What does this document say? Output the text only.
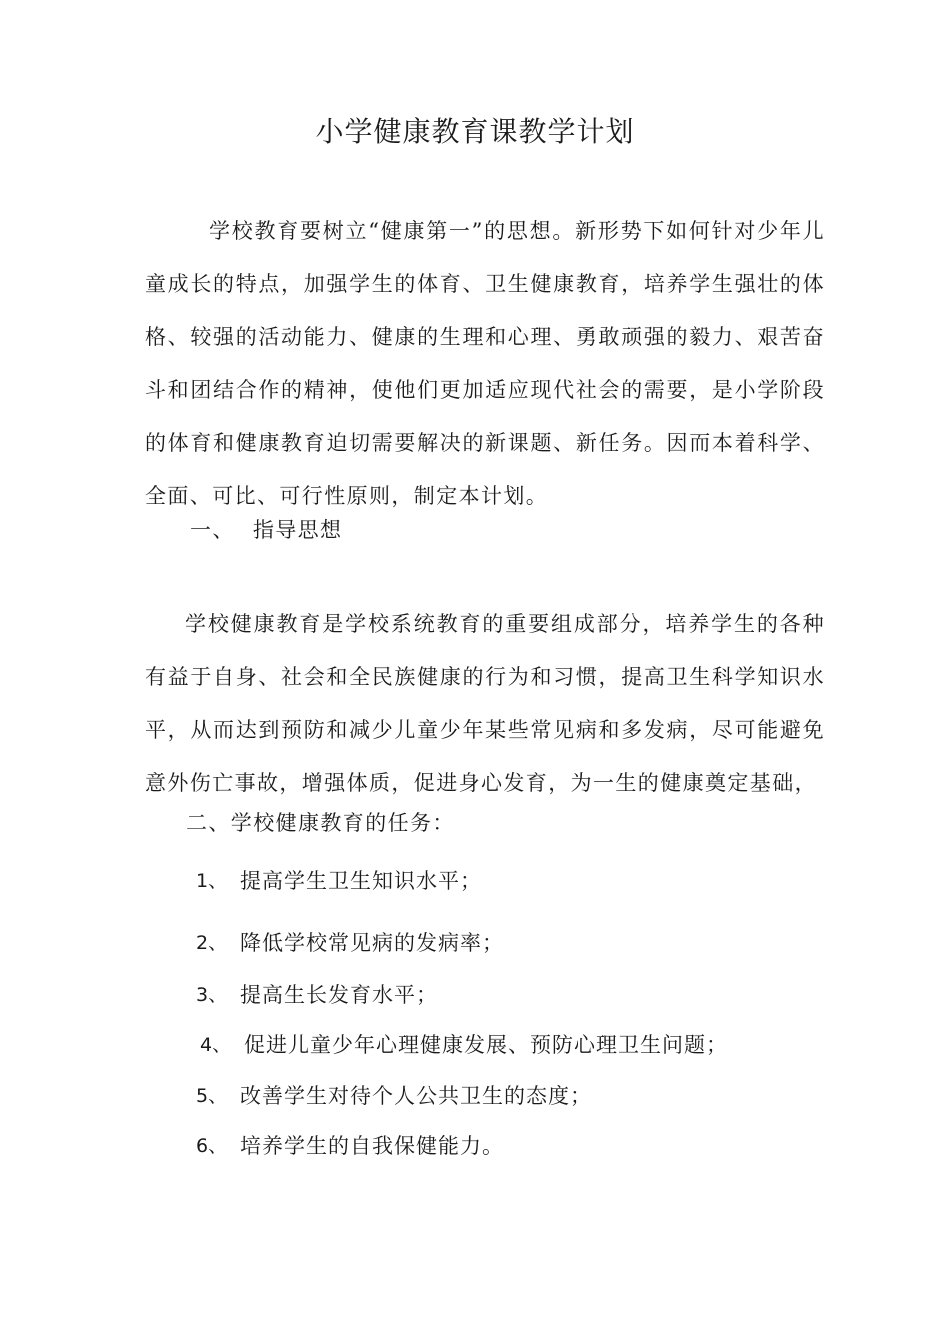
小学健康教育课教学计划

学校教育要树立“健康第一”的思想。新形势下如何针对少年儿童成长的特点，加强学生的体育、卫生健康教育，培养学生强壮的体格、较强的活动能力、健康的生理和心理、勇敢顽强的毅力、艰苦奋斗和团结合作的精神，使他们更加适应现代社会的需要，是小学阶段的体育和健康教育迫切需要解决的新课题、新任务。因而本着科学、全面、可比、可行性原则，制定本计划。

一、 指导思想

学校健康教育是学校系统教育的重要组成部分，培养学生的各种有益于自身、社会和全民族健康的行为和习惯，提高卫生科学知识水平，从而达到预防和减少儿童少年某些常见病和多发病，尽可能避免意外伤亡事故，增强体质，促进身心发育，为一生的健康奠定基础，

二、学校健康教育的任务：
1、 提高学生卫生知识水平；
2、 降低学校常见病的发病率；
3、 提高生长发育水平；
4、 促进儿童少年心理健康发展、预防心理卫生问题；
5、 改善学生对待个人公共卫生的态度；
6、 培养学生的自我保健能力。
